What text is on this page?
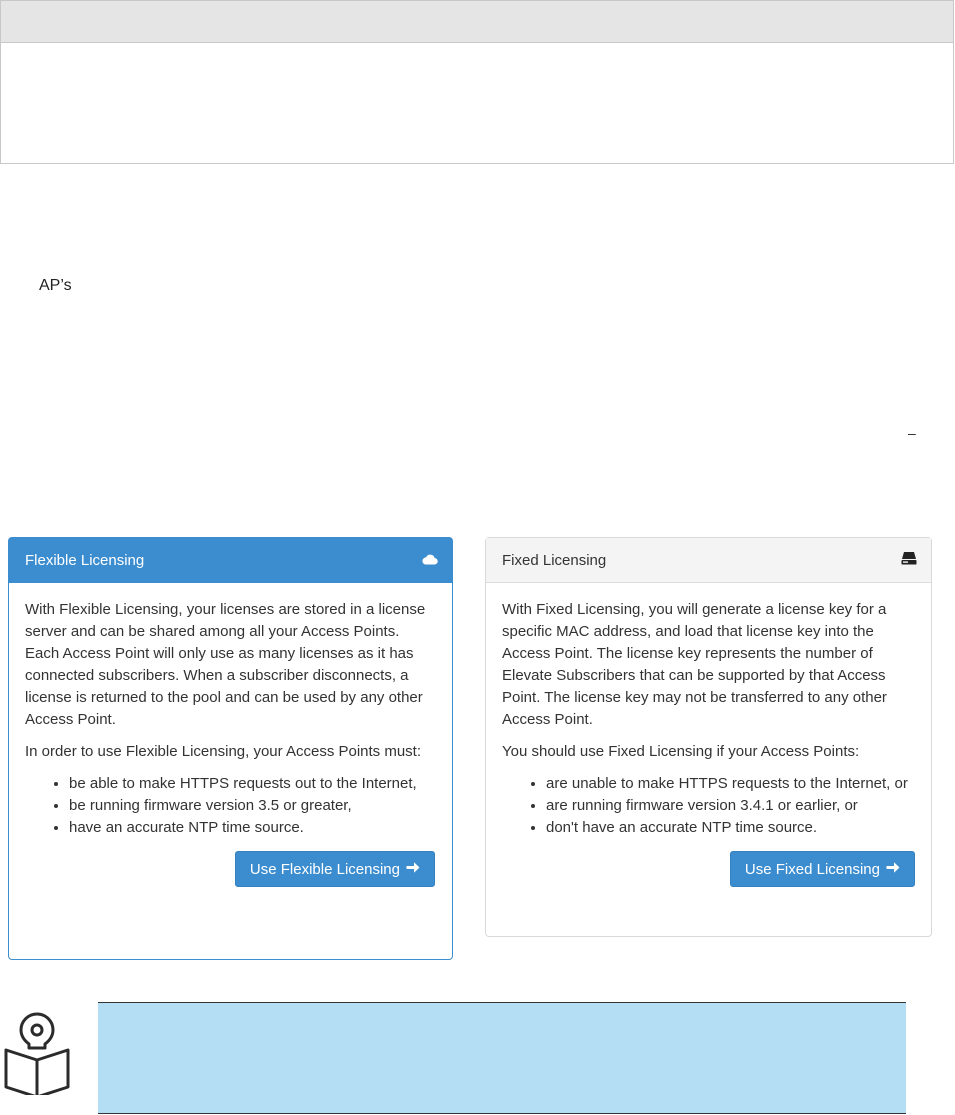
AP’s
–
Flexible Licensing

With Flexible Licensing, your licenses are stored in a license server and can be shared among all your Access Points. Each Access Point will only use as many licenses as it has connected subscribers. When a subscriber disconnects, a license is returned to the pool and can be used by any other Access Point.

In order to use Flexible Licensing, your Access Points must:

• be able to make HTTPS requests out to the Internet,
• be running firmware version 3.5 or greater,
• have an accurate NTP time source.
Use Flexible Licensing
Fixed Licensing

With Fixed Licensing, you will generate a license key for a specific MAC address, and load that license key into the Access Point. The license key represents the number of Elevate Subscribers that can be supported by that Access Point. The license key may not be transferred to any other Access Point.

You should use Fixed Licensing if your Access Points:

• are unable to make HTTPS requests to the Internet, or
• are running firmware version 3.4.1 or earlier, or
• don't have an accurate NTP time source.
Use Fixed Licensing
